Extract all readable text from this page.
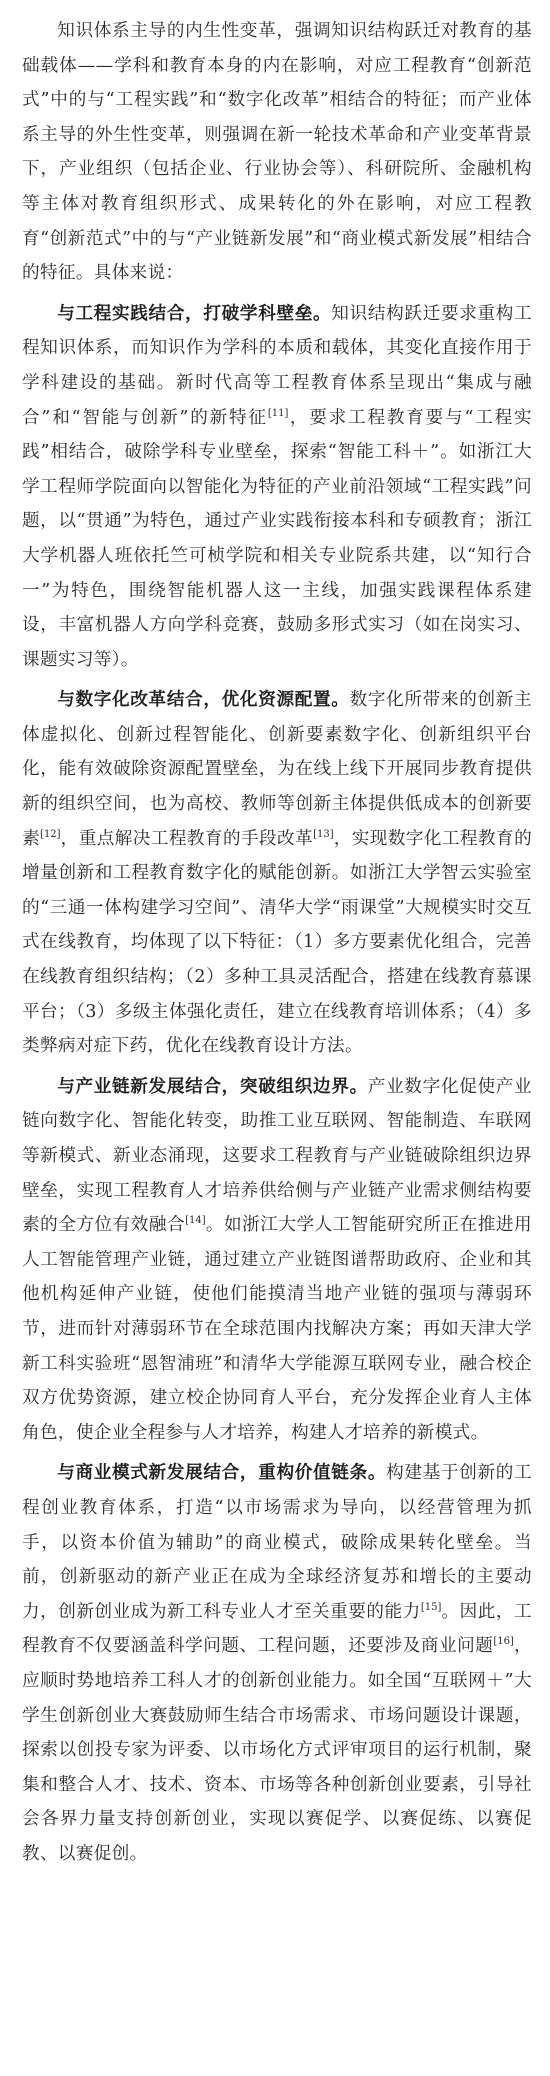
知识体系主导的内生性变革，强调知识结构跃迁对教育的基础载体——学科和教育本身的内在影响，对应工程教育“创新范式”中的与“工程实践”和“数字化改革”相结合的特征；而产业体系主导的外生性变革，则强调在新一轮技术革命和产业变革背景下，产业组织（包括企业、行业协会等）、科研院所、金融机构等主体对教育组织形式、成果转化的外在影响，对应工程教育“创新范式”中的与“产业链新发展”和“商业模式新发展”相结合的特征。具体来说：

与工程实践结合，打破学科壁垒。知识结构跃迁要求重构工程知识体系，而知识作为学科的本质和载体，其变化直接作用于学科建设的基础。新时代高等工程教育体系呈现出“集成与融合”和“智能与创新”的新特征[11]，要求工程教育要与“工程实践”相结合，破除学科专业壁垒，探索“智能工科＋”。如浙江大学工程师学院面向以智能化为特征的产业前沿领域“工程实践”问题，以“贯通”为特色，通过产业实践衔接本科和专硕教育；浙江大学机器人班依托竺可桢学院和相关专业院系共建，以“知行合一”为特色，围绕智能机器人这一主线，加强实践课程体系建设，丰富机器人方向学科竞赛，鼓励多形式实习（如在岗实习、课题实习等）。

与数字化改革结合，优化资源配置。数字化所带来的创新主体虚拟化、创新过程智能化、创新要素数字化、创新组织平台化，能有效破除资源配置壁垒，为在线上线下开展同步教育提供新的组织空间，也为高校、教师等创新主体提供低成本的创新要素[12]，重点解决工程教育的手段改革[13]，实现数字化工程教育的增量创新和工程教育数字化的赋能创新。如浙江大学智云实验室的“三通一体构建学习空间”、清华大学“雨课堂”大规模实时交互式在线教育，均体现了以下特征：（1）多方要素优化组合，完善在线教育组织结构；（2）多种工具灵活配合，搭建在线教育慕课平台；（3）多级主体强化责任，建立在线教育培训体系；（4）多类弊病对症下药，优化在线教育设计方法。

与产业链新发展结合，突破组织边界。产业数字化促使产业链向数字化、智能化转变，助推工业互联网、智能制造、车联网等新模式、新业态涌现，这要求工程教育与产业链破除组织边界壁垒，实现工程教育人才培养供给侧与产业链产业需求侧结构要素的全方位有效融合[14]。如浙江大学人工智能研究所正在推进用人工智能管理产业链，通过建立产业链图谱帮助政府、企业和其他机构延伸产业链，使他们能摸清当地产业链的强项与薄弱环节，进而针对薄弱环节在全球范围内找解决方案；再如天津大学新工科实验班“恩智浦班”和清华大学能源互联网专业，融合校企双方优势资源，建立校企协同育人平台，充分发挥企业育人主体角色，使企业全程参与人才培养，构建人才培养的新模式。

与商业模式新发展结合，重构价值链条。构建基于创新的工程创业教育体系，打造“以市场需求为导向，以经营管理为抓手，以资本价值为辅助”的商业模式，破除成果转化壁垒。当前，创新驱动的新产业正在成为全球经济复苏和增长的主要动力，创新创业成为新工科专业人才至关重要的能力[15]。因此，工程教育不仅要涵盖科学问题、工程问题，还要涉及商业问题[16]，应顺时势地培养工科人才的创新创业能力。如全国“互联网＋”大学生创新创业大赛鼓励师生结合市场需求、市场问题设计课题，探索以创投专家为评委、以市场化方式评审项目的运行机制，聚集和整合人才、技术、资本、市场等各种创新创业要素，引导社会各界力量支持创新创业，实现以赛促学、以赛促练、以赛促教、以赛促创。
